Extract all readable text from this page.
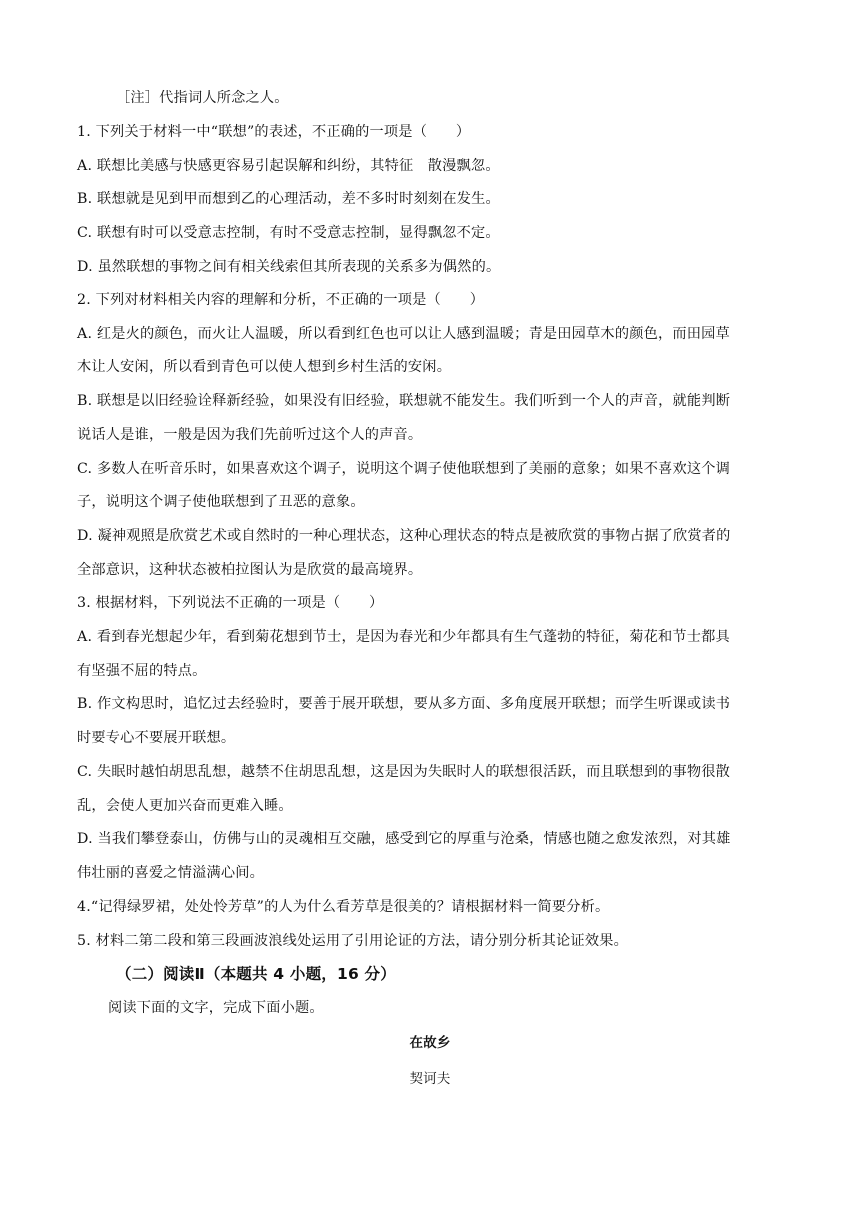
［注］代指词人所念之人。
1. 下列关于材料一中“联想”的表述，不正确的一项是（　　）
A. 联想比美感与快感更容易引起误解和纠纷，其特征　散漫飘忽。
B. 联想就是见到甲而想到乙的心理活动，差不多时时刻刻在发生。
C. 联想有时可以受意志控制，有时不受意志控制，显得飘忽不定。
D. 虽然联想的事物之间有相关线索但其所表现的关系多为偶然的。
2. 下列对材料相关内容的理解和分析，不正确的一项是（　　）
A. 红是火的颜色，而火让人温暖，所以看到红色也可以让人感到温暖；青是田园草木的颜色，而田园草
木让人安闲，所以看到青色可以使人想到乡村生活的安闲。
B. 联想是以旧经验诠释新经验，如果没有旧经验，联想就不能发生。我们听到一个人的声音，就能判断
说话人是谁，一般是因为我们先前听过这个人的声音。
C. 多数人在听音乐时，如果喜欢这个调子，说明这个调子使他联想到了美丽的意象；如果不喜欢这个调
子，说明这个调子使他联想到了丑恶的意象。
D. 凝神观照是欣赏艺术或自然时的一种心理状态，这种心理状态的特点是被欣赏的事物占据了欣赏者的
全部意识，这种状态被柏拉图认为是欣赏的最高境界。
3. 根据材料，下列说法不正确的一项是（　　）
A. 看到春光想起少年，看到菊花想到节士，是因为春光和少年都具有生气蓬勃的特征，菊花和节士都具
有坚强不屈的特点。
B. 作文构思时，追忆过去经验时，要善于展开联想，要从多方面、多角度展开联想；而学生听课或读书
时要专心不要展开联想。
C. 失眠时越怕胡思乱想，越禁不住胡思乱想，这是因为失眠时人的联想很活跃，而且联想到的事物很散
乱，会使人更加兴奋而更难入睡。
D. 当我们攀登泰山，仿佛与山的灵魂相互交融，感受到它的厚重与沧桑，情感也随之愈发浓烈，对其雄
伟壮丽的喜爱之情溢满心间。
4.“记得绿罗裙，处处怜芳草”的人为什么看芳草是很美的？请根据材料一简要分析。
5. 材料二第二段和第三段画波浪线处运用了引用论证的方法，请分别分析其论证效果。
（二）阅读Ⅱ（本题共 4 小题，16 分）
阅读下面的文字，完成下面小题。
在故乡
契诃夫
